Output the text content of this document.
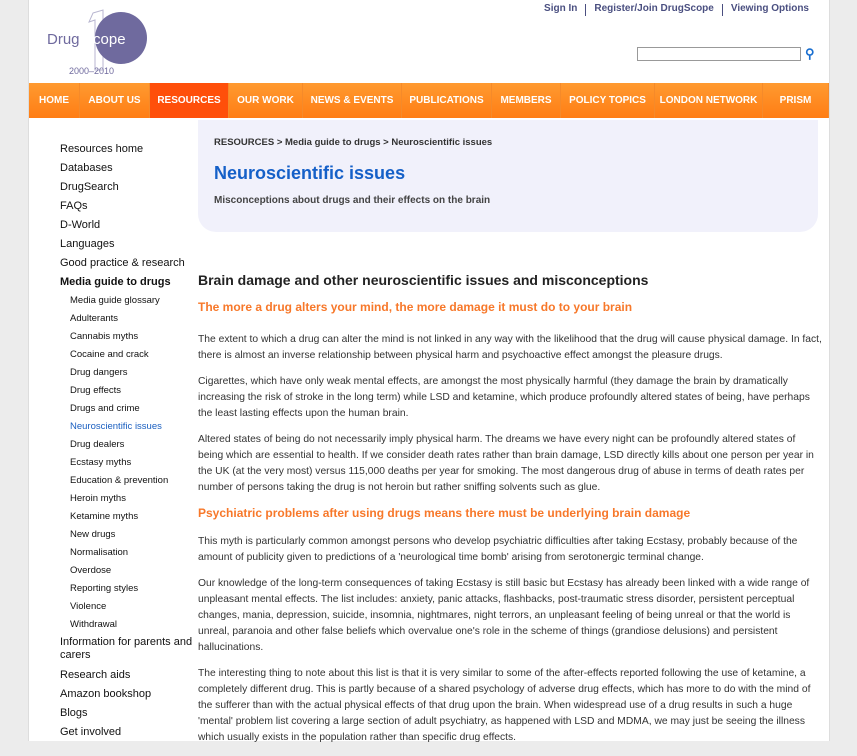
Drug Scope
2000–2010
Sign In	Register/Join DrugScope	Viewing Options
⚲
HOME	ABOUT US	RESOURCES	OUR WORK	NEWS & EVENTS	PUBLICATIONS	MEMBERS	POLICY TOPICS	LONDON NETWORK	PRISM
Resources home
Databases
DrugSearch
FAQs
D-World
Languages
Good practice & research
Media guide to drugs
Media guide glossary
Adulterants
Cannabis myths
Cocaine and crack
Drug dangers
Drug effects
Drugs and crime
Neuroscientific issues
Drug dealers
Ecstasy myths
Education & prevention
Heroin myths
Ketamine myths
New drugs
Normalisation
Overdose
Reporting styles
Violence
Withdrawal
Information for parents and carers
Research aids
Amazon bookshop
Blogs
Get involved
RESOURCES > Media guide to drugs > Neuroscientific issues
Neuroscientific issues
Misconceptions about drugs and their effects on the brain
Brain damage and other neuroscientific issues and misconceptions
The more a drug alters your mind, the more damage it must do to your brain

The extent to which a drug can alter the mind is not linked in any way with the likelihood that the drug will cause physical damage. In fact, there is almost an inverse relationship between physical harm and psychoactive effect amongst the pleasure drugs.

Cigarettes, which have only weak mental effects, are amongst the most physically harmful (they damage the brain by dramatically increasing the risk of stroke in the long term) while LSD and ketamine, which produce profoundly altered states of being, have perhaps the least lasting effects upon the human brain.

Altered states of being do not necessarily imply physical harm. The dreams we have every night can be profoundly altered states of being which are essential to health. If we consider death rates rather than brain damage, LSD directly kills about one person per year in the UK (at the very most) versus 115,000 deaths per year for smoking. The most dangerous drug of abuse in terms of death rates per number of persons taking the drug is not heroin but rather sniffing solvents such as glue.

Psychiatric problems after using drugs means there must be underlying brain damage

This myth is particularly common amongst persons who develop psychiatric difficulties after taking Ecstasy, probably because of the amount of publicity given to predictions of a 'neurological time bomb' arising from serotonergic terminal change.

Our knowledge of the long-term consequences of taking Ecstasy is still basic but Ecstasy has already been linked with a wide range of unpleasant mental effects. The list includes: anxiety, panic attacks, flashbacks, post-traumatic stress disorder, persistent perceptual changes, mania, depression, suicide, insomnia, nightmares, night terrors, an unpleasant feeling of being unreal or that the world is unreal, paranoia and other false beliefs which overvalue one's role in the scheme of things (grandiose delusions) and persistent hallucinations.

The interesting thing to note about this list is that it is very similar to some of the after-effects reported following the use of ketamine, a completely different drug. This is partly because of a shared psychology of adverse drug effects, which has more to do with the mind of the sufferer than with the actual physical effects of that drug upon the brain. When widespread use of a drug results in such a huge 'mental' problem list covering a large section of adult psychiatry, as happened with LSD and MDMA, we may just be seeing the illness which usually exists in the population rather than specific drug effects.
